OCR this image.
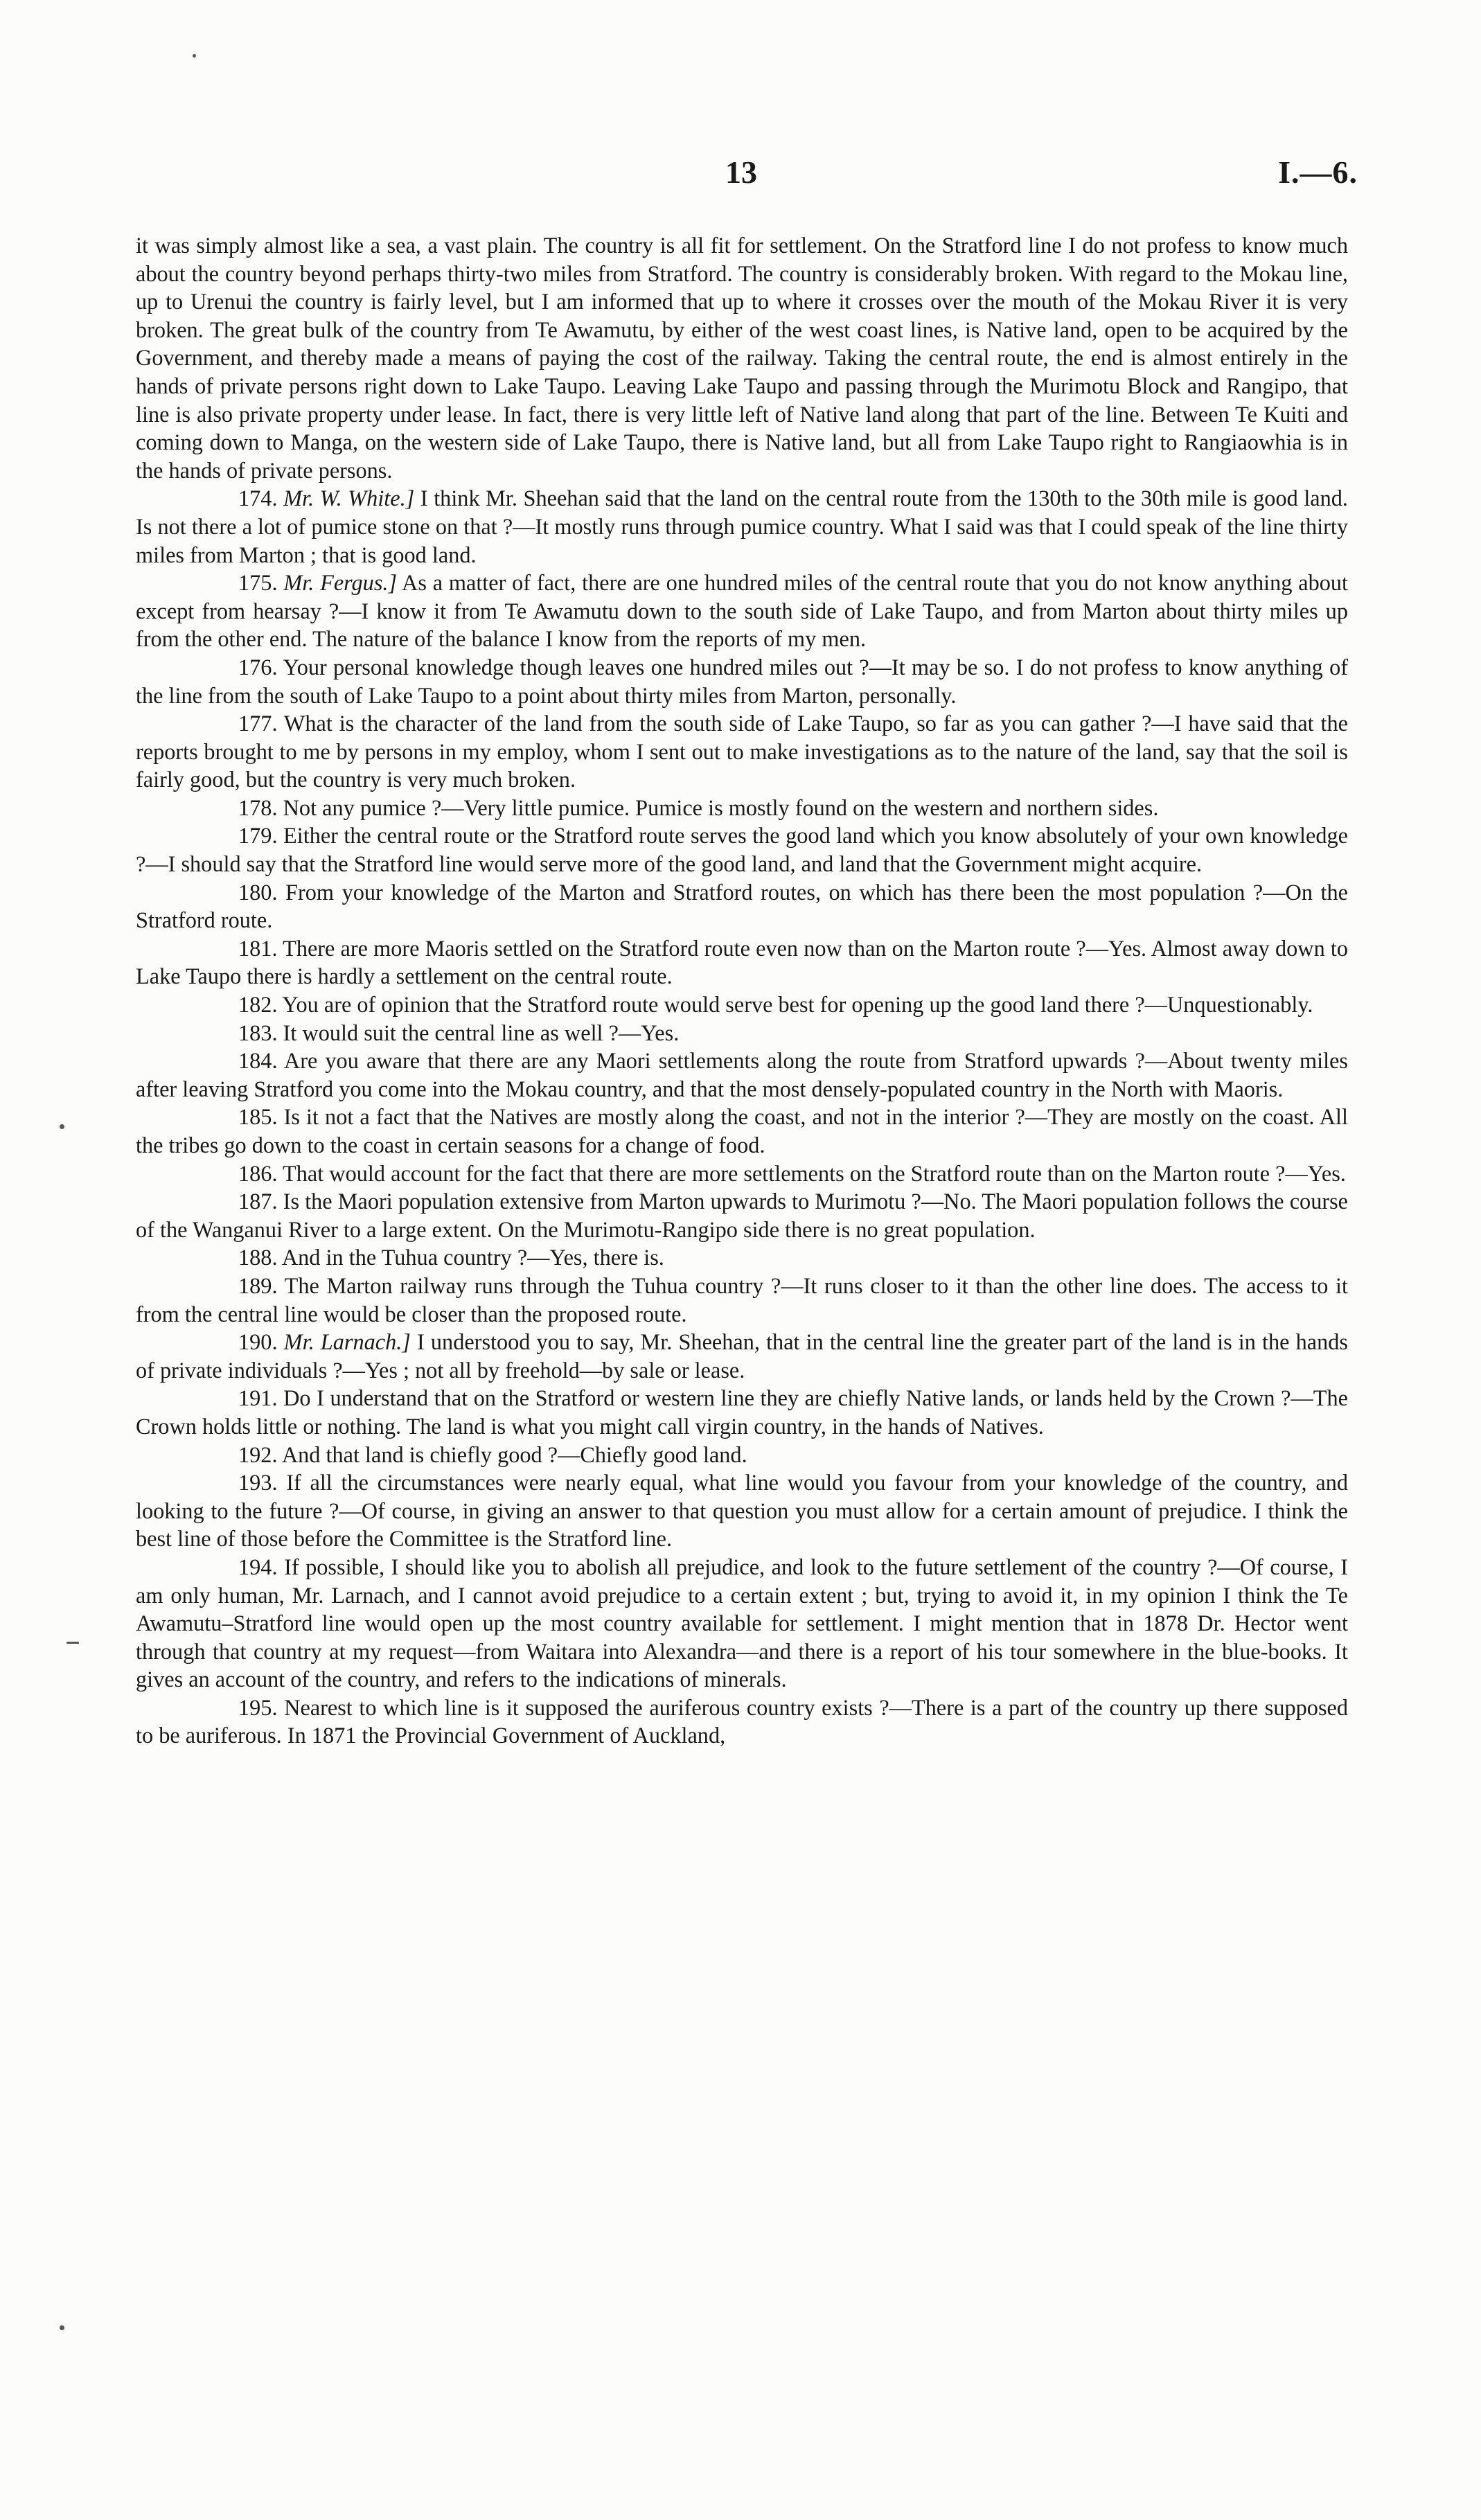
13	I.—6.

it was simply almost like a sea, a vast plain. The country is all fit for settlement. On the Stratford line I do not profess to know much about the country beyond perhaps thirty-two miles from Stratford. The country is considerably broken. With regard to the Mokau line, up to Urenui the country is fairly level, but I am informed that up to where it crosses over the mouth of the Mokau River it is very broken. The great bulk of the country from Te Awamutu, by either of the west coast lines, is Native land, open to be acquired by the Government, and thereby made a means of paying the cost of the railway. Taking the central route, the end is almost entirely in the hands of private persons right down to Lake Taupo. Leaving Lake Taupo and passing through the Murimotu Block and Rangipo, that line is also private property under lease. In fact, there is very little left of Native land along that part of the line. Between Te Kuiti and coming down to Manga, on the western side of Lake Taupo, there is Native land, but all from Lake Taupo right to Rangiaowhia is in the hands of private persons.

174. Mr. W. White.] I think Mr. Sheehan said that the land on the central route from the 130th to the 30th mile is good land. Is not there a lot of pumice stone on that ?—It mostly runs through pumice country. What I said was that I could speak of the line thirty miles from Marton ; that is good land.

175. Mr. Fergus.] As a matter of fact, there are one hundred miles of the central route that you do not know anything about except from hearsay ?—I know it from Te Awamutu down to the south side of Lake Taupo, and from Marton about thirty miles up from the other end. The nature of the balance I know from the reports of my men.

176. Your personal knowledge though leaves one hundred miles out ?—It may be so. I do not profess to know anything of the line from the south of Lake Taupo to a point about thirty miles from Marton, personally.

177. What is the character of the land from the south side of Lake Taupo, so far as you can gather ?—I have said that the reports brought to me by persons in my employ, whom I sent out to make investigations as to the nature of the land, say that the soil is fairly good, but the country is very much broken.

178. Not any pumice ?—Very little pumice. Pumice is mostly found on the western and northern sides.

179. Either the central route or the Stratford route serves the good land which you know absolutely of your own knowledge ?—I should say that the Stratford line would serve more of the good land, and land that the Government might acquire.

180. From your knowledge of the Marton and Stratford routes, on which has there been the most population ?—On the Stratford route.

181. There are more Maoris settled on the Stratford route even now than on the Marton route ?—Yes. Almost away down to Lake Taupo there is hardly a settlement on the central route.

182. You are of opinion that the Stratford route would serve best for opening up the good land there ?—Unquestionably.

183. It would suit the central line as well ?—Yes.

184. Are you aware that there are any Maori settlements along the route from Stratford upwards ?—About twenty miles after leaving Stratford you come into the Mokau country, and that the most densely-populated country in the North with Maoris.

185. Is it not a fact that the Natives are mostly along the coast, and not in the interior ?—They are mostly on the coast. All the tribes go down to the coast in certain seasons for a change of food.

186. That would account for the fact that there are more settlements on the Stratford route than on the Marton route ?—Yes.

187. Is the Maori population extensive from Marton upwards to Murimotu ?—No. The Maori population follows the course of the Wanganui River to a large extent. On the Murimotu-Rangipo side there is no great population.

188. And in the Tuhua country ?—Yes, there is.

189. The Marton railway runs through the Tuhua country ?—It runs closer to it than the other line does. The access to it from the central line would be closer than the proposed route.

190. Mr. Larnach.] I understood you to say, Mr. Sheehan, that in the central line the greater part of the land is in the hands of private individuals ?—Yes ; not all by freehold—by sale or lease.

191. Do I understand that on the Stratford or western line they are chiefly Native lands, or lands held by the Crown ?—The Crown holds little or nothing. The land is what you might call virgin country, in the hands of Natives.

192. And that land is chiefly good ?—Chiefly good land.

193. If all the circumstances were nearly equal, what line would you favour from your knowledge of the country, and looking to the future ?—Of course, in giving an answer to that question you must allow for a certain amount of prejudice. I think the best line of those before the Committee is the Stratford line.

194. If possible, I should like you to abolish all prejudice, and look to the future settlement of the country ?—Of course, I am only human, Mr. Larnach, and I cannot avoid prejudice to a certain extent ; but, trying to avoid it, in my opinion I think the Te Awamutu–Stratford line would open up the most country available for settlement. I might mention that in 1878 Dr. Hector went through that country at my request—from Waitara into Alexandra—and there is a report of his tour somewhere in the blue-books. It gives an account of the country, and refers to the indications of minerals.

195. Nearest to which line is it supposed the auriferous country exists ?—There is a part of the country up there supposed to be auriferous. In 1871 the Provincial Government of Auckland,
